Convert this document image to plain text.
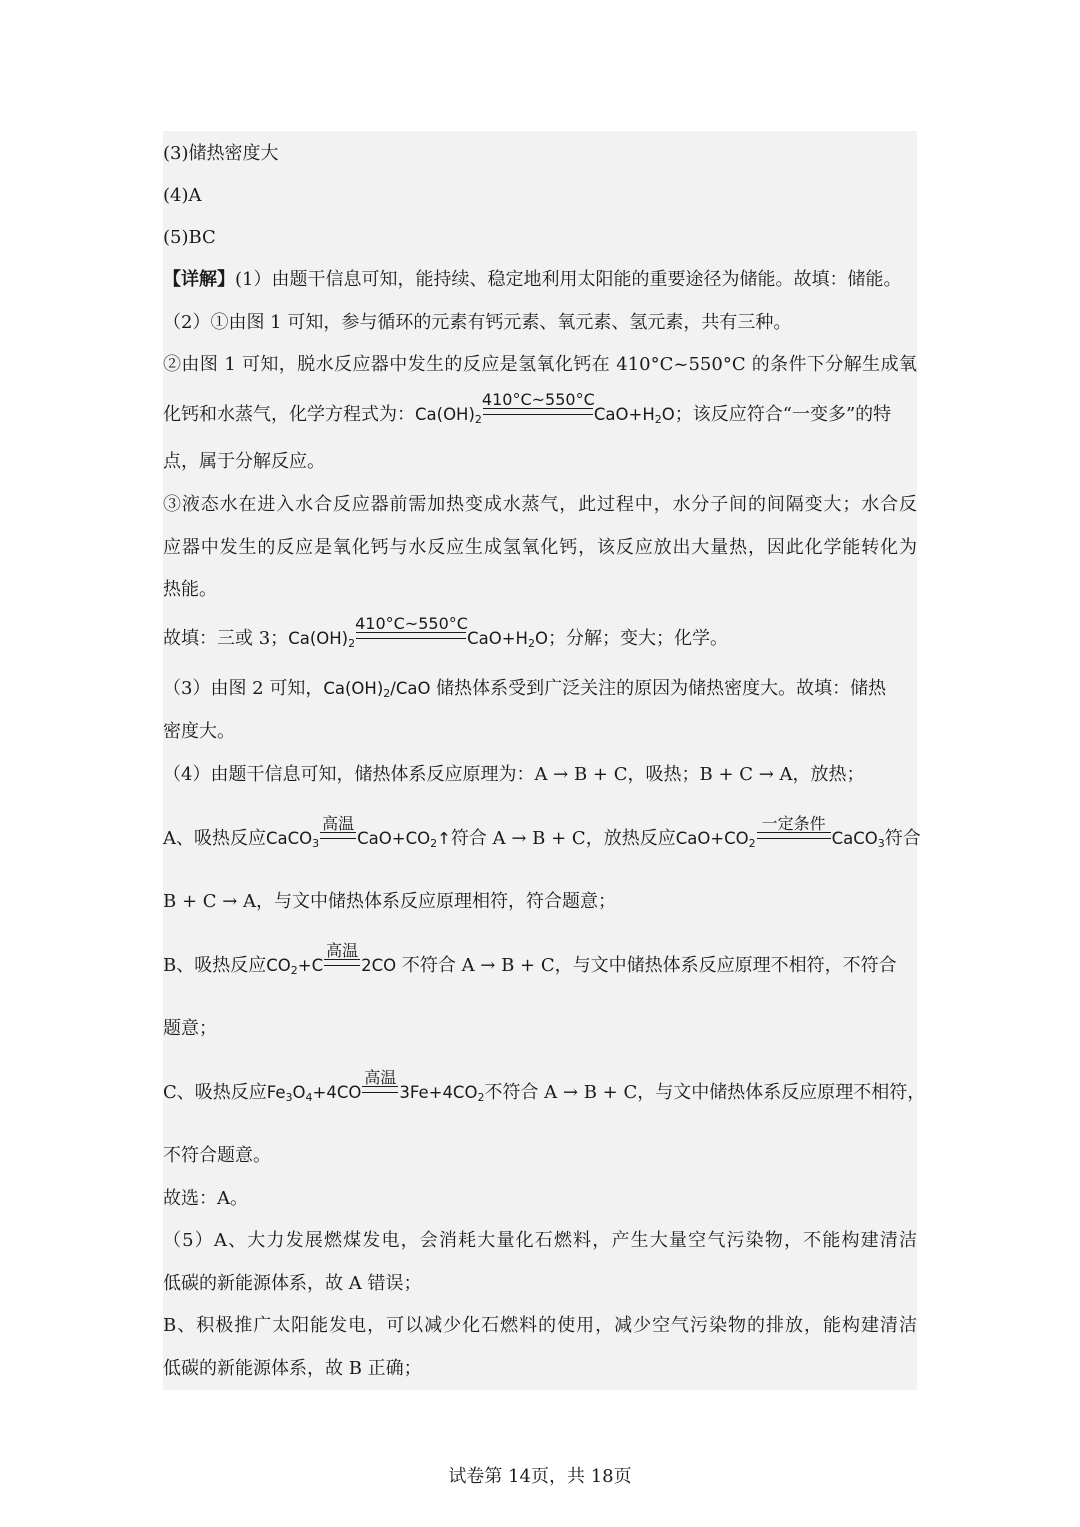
(3)储热密度大
(4)A
(5)BC
【详解】(1）由题干信息可知，能持续、稳定地利用太阳能的重要途径为储能。故填：储能。
（2）①由图 1 可知，参与循环的元素有钙元素、氧元素、氢元素，共有三种。
②由图 1 可知，脱水反应器中发生的反应是氢氧化钙在 410°C~550°C 的条件下分解生成氧
化钙和水蒸气，化学方程式为：$Ca(OH)_2$
410°C~550°C
$CaO+H_2O$；该反应符合“一变多”的特
点，属于分解反应。
③液态水在进入水合反应器前需加热变成水蒸气，此过程中，水分子间的间隔变大；水合反
应器中发生的反应是氧化钙与水反应生成氢氧化钙，该反应放出大量热，因此化学能转化为
热能。
故填：三或 3；$Ca(OH)_2$
410°C~550°C
$CaO+H_2O$；分解；变大；化学。
（3）由图 2 可知，$Ca(OH)_2$/CaO 储热体系受到广泛关注的原因为储热密度大。故填：储热
密度大。
（4）由题干信息可知，储热体系反应原理为：A → B + C，吸热；B + C → A，放热；
A、吸热反应CaCO$_3$
高温
$CaO+CO_2↑$符合 A → B + C，放热反应$CaO+CO_2$
一定条件
CaCO$_3$符合
B + C → A，与文中储热体系反应原理相符，符合题意；
B、吸热反应$CO_2+C$
高温
2CO 不符合 A → B + C，与文中储热体系反应原理不相符，不符合
题意；
C、吸热反应$Fe_3O_4+4CO$
高温
$3Fe+4CO_2$不符合 A → B + C，与文中储热体系反应原理不相符，
不符合题意。
故选：A。
（5）A、大力发展燃煤发电，会消耗大量化石燃料，产生大量空气污染物，不能构建清洁
低碳的新能源体系，故 A 错误；
B、积极推广太阳能发电，可以减少化石燃料的使用，减少空气污染物的排放，能构建清洁
低碳的新能源体系，故 B 正确；
试卷第 14页，共 18页
